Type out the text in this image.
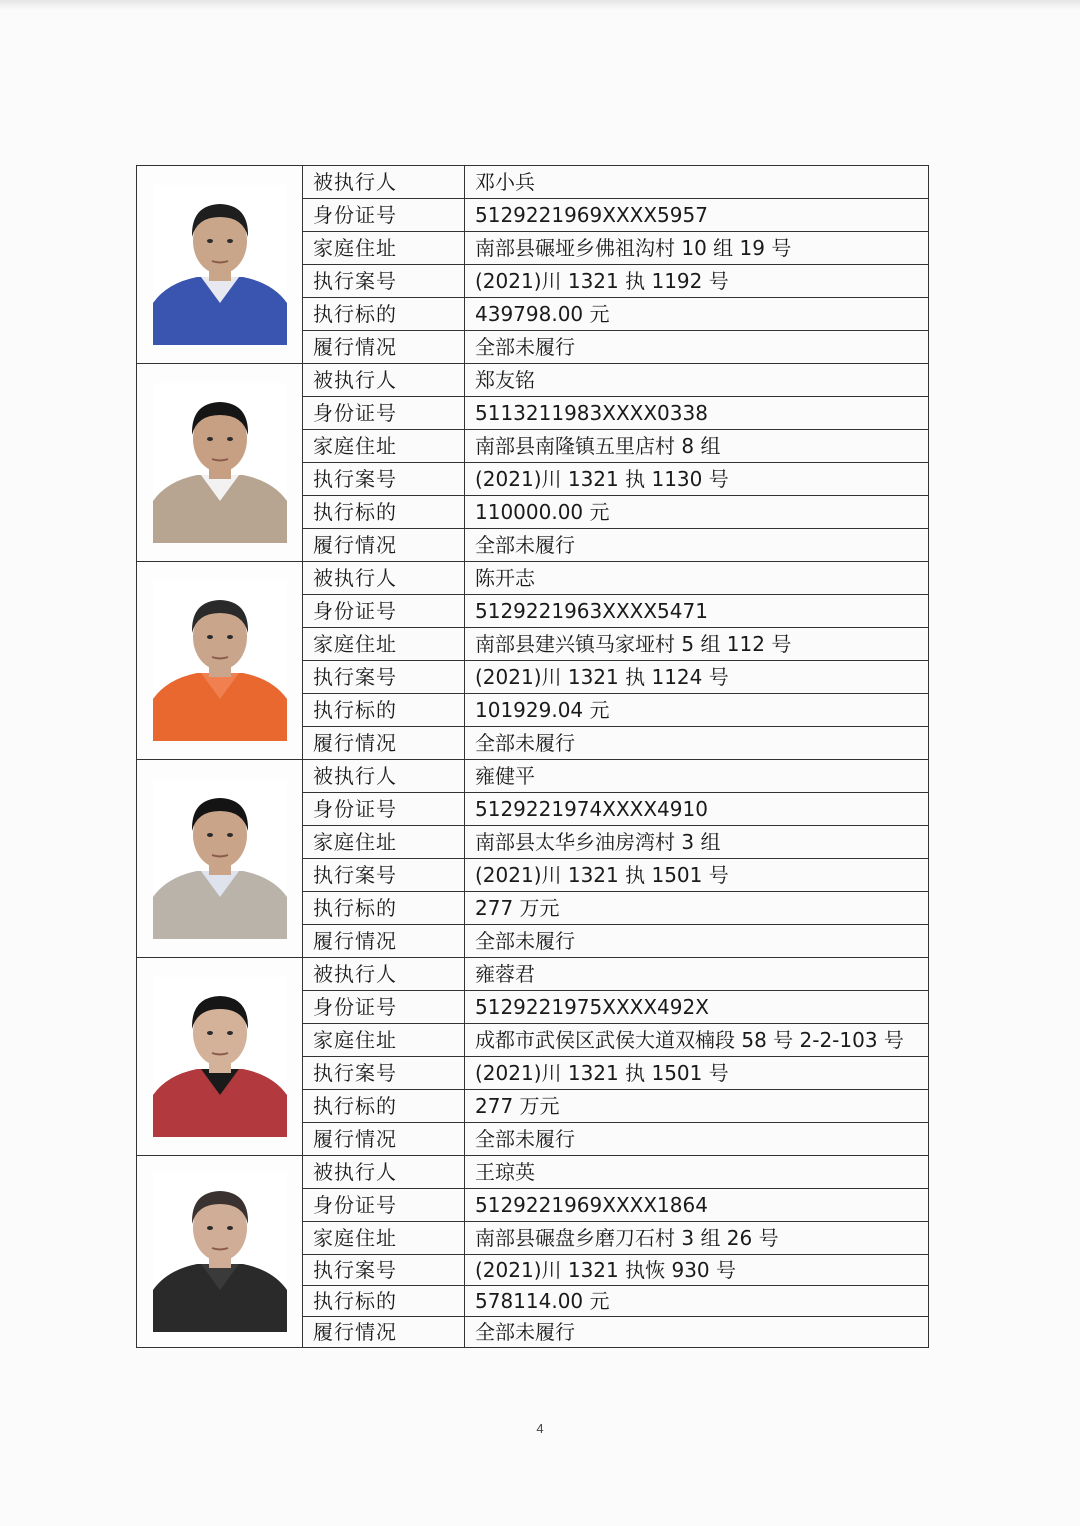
	被执行人	邓小兵
	身份证号	5129221969XXXX5957
	家庭住址	南部县碾垭乡佛祖沟村 10 组 19 号
	执行案号	(2021)川 1321 执 1192 号
	执行标的	439798.00 元
	履行情况	全部未履行

	被执行人	郑友铭
	身份证号	5113211983XXXX0338
	家庭住址	南部县南隆镇五里店村 8 组
	执行案号	(2021)川 1321 执 1130 号
	执行标的	110000.00 元
	履行情况	全部未履行

	被执行人	陈开志
	身份证号	5129221963XXXX5471
	家庭住址	南部县建兴镇马家垭村 5 组 112 号
	执行案号	(2021)川 1321 执 1124 号
	执行标的	101929.04 元
	履行情况	全部未履行

	被执行人	雍健平
	身份证号	5129221974XXXX4910
	家庭住址	南部县太华乡油房湾村 3 组
	执行案号	(2021)川 1321 执 1501 号
	执行标的	277 万元
	履行情况	全部未履行

	被执行人	雍蓉君
	身份证号	5129221975XXXX492X
	家庭住址	成都市武侯区武侯大道双楠段 58 号 2-2-103 号
	执行案号	(2021)川 1321 执 1501 号
	执行标的	277 万元
	履行情况	全部未履行

	被执行人	王琼英
	身份证号	5129221969XXXX1864
	家庭住址	南部县碾盘乡磨刀石村 3 组 26 号
	执行案号	(2021)川 1321 执恢 930 号
	执行标的	578114.00 元
	履行情况	全部未履行
4
